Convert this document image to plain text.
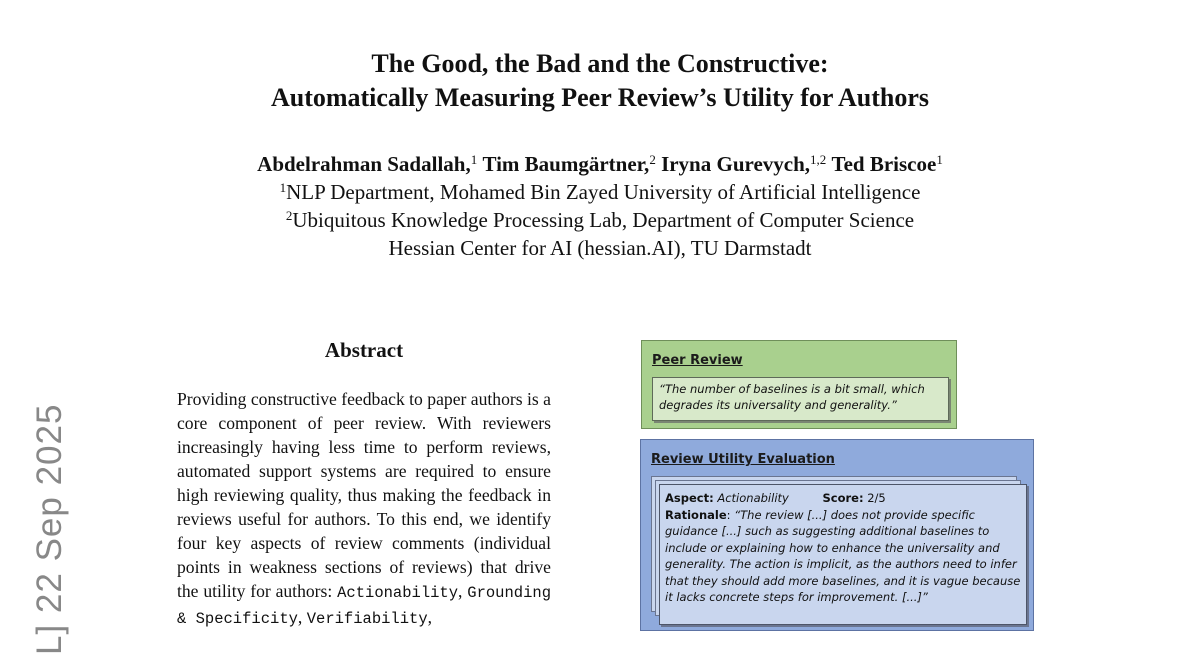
The Good, the Bad and the Constructive:
Automatically Measuring Peer Review’s Utility for Authors
Abdelrahman Sadallah,$^1$ Tim Baumgärtner,$^2$ Iryna Gurevych,$^{1,2}$ Ted Briscoe$^1$
$^1$NLP Department, Mohamed Bin Zayed University of Artificial Intelligence
$^2$Ubiquitous Knowledge Processing Lab, Department of Computer Science
Hessian Center for AI (hessian.AI), TU Darmstadt
L] 22 Sep 2025
Abstract
Providing constructive feedback to paper authors is a core component of peer review. With reviewers increasingly having less time to perform reviews, automated support systems are required to ensure high reviewing quality, thus making the feedback in reviews useful for authors. To this end, we identify four key aspects of review comments (individual points in weakness sections of reviews) that drive the utility for authors: Actionability, Grounding & Specificity, Verifiability,
Peer Review
“The number of baselines is a bit small, which degrades its universality and generality.”
Review Utility Evaluation
Aspect: Actionability	Score: 2/5
Rationale: “The review [...] does not provide specific guidance [...] such as suggesting additional baselines to include or explaining how to enhance the universality and generality. The action is implicit, as the authors need to infer that they should add more baselines, and it is vague because it lacks concrete steps for improvement. [...]”
